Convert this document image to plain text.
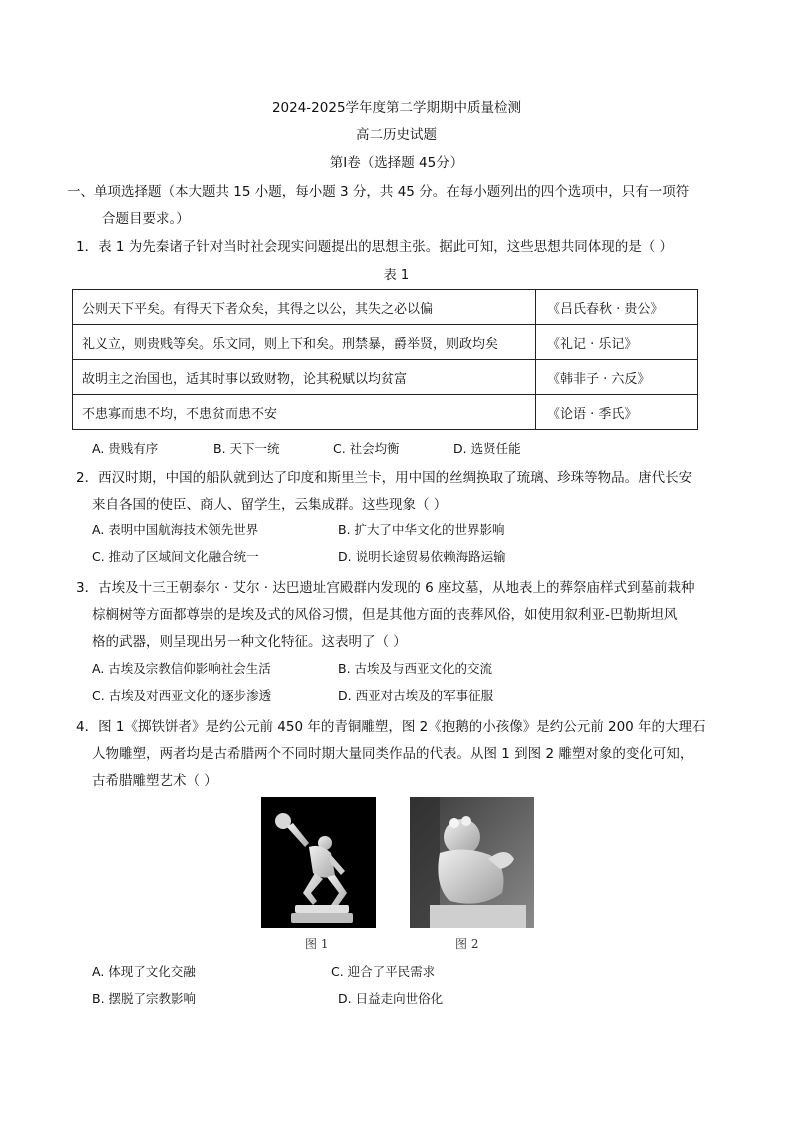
2024-2025学年度第二学期期中质量检测
高二历史试题
第Ⅰ卷（选择题 45分）
一、单项选择题（本大题共 15 小题，每小题 3 分，共 45 分。在每小题列出的四个选项中，只有一项符
合题目要求。）
1．表 1 为先秦诸子针对当时社会现实问题提出的思想主张。据此可知，这些思想共同体现的是（ ）
表 1
公则天下平矣。有得天下者众矣，其得之以公，其失之必以偏	《吕氏春秋 · 贵公》
礼义立，则贵贱等矣。乐文同，则上下和矣。刑禁暴，爵举贤，则政均矣	《礼记 · 乐记》
故明主之治国也，适其时事以致财物，论其税赋以均贫富	《韩非子 · 六反》
不患寡而患不均，不患贫而患不安	《论语 · 季氏》
A. 贵贱有序	B. 天下一统	C. 社会均衡	D. 选贤任能
2．西汉时期，中国的船队就到达了印度和斯里兰卡，用中国的丝绸换取了琉璃、珍珠等物品。唐代长安
来自各国的使臣、商人、留学生，云集成群。这些现象（ ）
A. 表明中国航海技术领先世界	B. 扩大了中华文化的世界影响
C. 推动了区域间文化融合统一	D. 说明长途贸易依赖海路运输
3．古埃及十三王朝泰尔 · 艾尔 · 达巴遗址宫殿群内发现的 6 座坟墓，从地表上的葬祭庙样式到墓前栽种
棕榈树等方面都尊崇的是埃及式的风俗习惯，但是其他方面的丧葬风俗，如使用叙利亚-巴勒斯坦风
格的武器，则呈现出另一种文化特征。这表明了（ ）
A. 古埃及宗教信仰影响社会生活	B. 古埃及与西亚文化的交流
C. 古埃及对西亚文化的逐步渗透	D. 西亚对古埃及的军事征服
4．图 1《掷铁饼者》是约公元前 450 年的青铜雕塑，图 2《抱鹅的小孩像》是约公元前 200 年的大理石
人物雕塑，两者均是古希腊两个不同时期大量同类作品的代表。从图 1 到图 2 雕塑对象的变化可知，
古希腊雕塑艺术（ ）
图 1	图 2
A. 体现了文化交融	C. 迎合了平民需求
B. 摆脱了宗教影响	D. 日益走向世俗化
